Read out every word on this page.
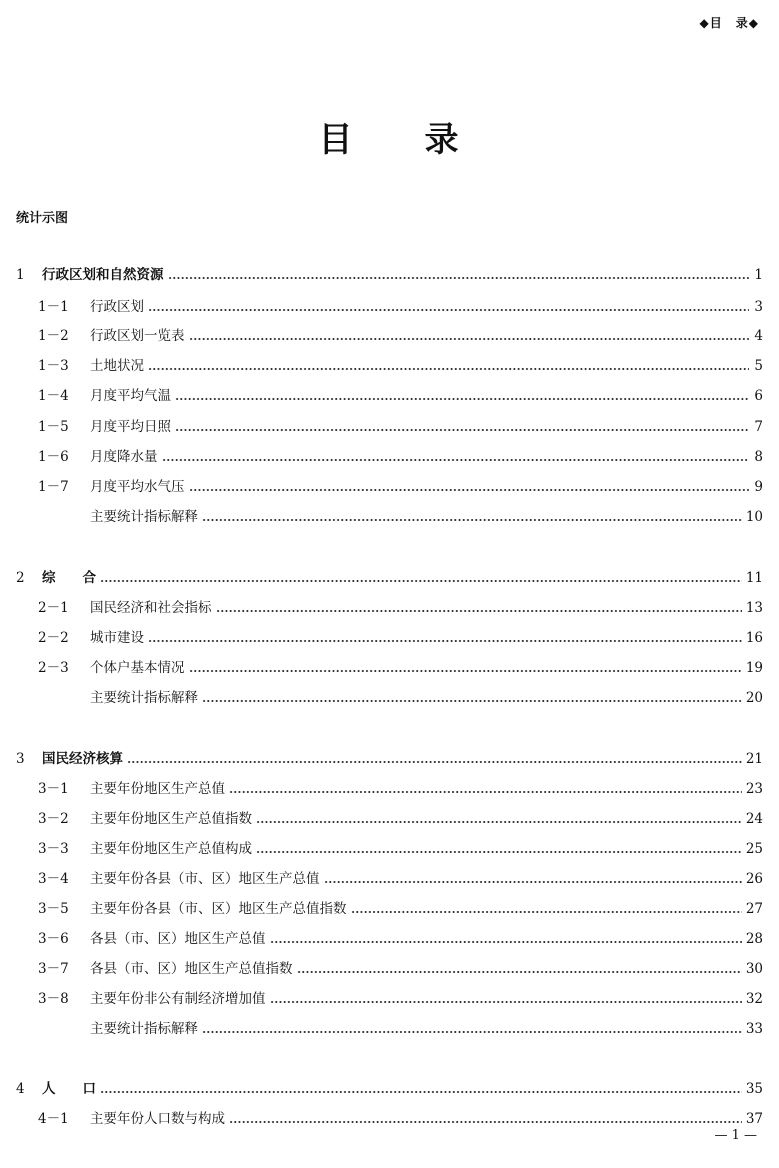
◆目　录◆
目 录
统计示图
1	行政区划和自然资源	1
1－1	行政区划	3
1－2	行政区划一览表	4
1－3	土地状况	5
1－4	月度平均气温	6
1－5	月度平均日照	7
1－6	月度降水量	8
1－7	月度平均水气压	9
主要统计指标解释	10
2	综　　合	11
2－1	国民经济和社会指标	13
2－2	城市建设	16
2－3	个体户基本情况	19
主要统计指标解释	20
3	国民经济核算	21
3－1	主要年份地区生产总值	23
3－2	主要年份地区生产总值指数	24
3－3	主要年份地区生产总值构成	25
3－4	主要年份各县（市、区）地区生产总值	26
3－5	主要年份各县（市、区）地区生产总值指数	27
3－6	各县（市、区）地区生产总值	28
3－7	各县（市、区）地区生产总值指数	30
3－8	主要年份非公有制经济增加值	32
主要统计指标解释	33
4	人　　口	35
4－1	主要年份人口数与构成	37
— 1 —
